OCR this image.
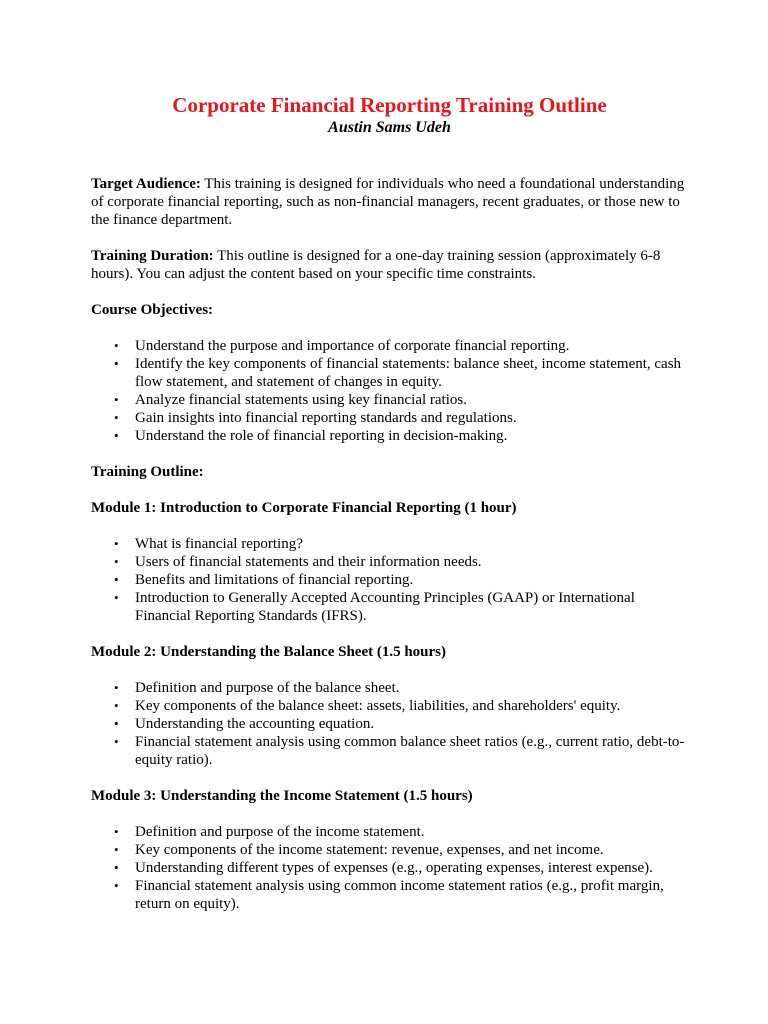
Corporate Financial Reporting Training Outline
Austin Sams Udeh

Target Audience: This training is designed for individuals who need a foundational understanding of corporate financial reporting, such as non-financial managers, recent graduates, or those new to the finance department.

Training Duration: This outline is designed for a one-day training session (approximately 6-8 hours). You can adjust the content based on your specific time constraints.

Course Objectives:
• Understand the purpose and importance of corporate financial reporting.
• Identify the key components of financial statements: balance sheet, income statement, cash flow statement, and statement of changes in equity.
• Analyze financial statements using key financial ratios.
• Gain insights into financial reporting standards and regulations.
• Understand the role of financial reporting in decision-making.
Training Outline:
Module 1: Introduction to Corporate Financial Reporting (1 hour)
• What is financial reporting?
• Users of financial statements and their information needs.
• Benefits and limitations of financial reporting.
• Introduction to Generally Accepted Accounting Principles (GAAP) or International Financial Reporting Standards (IFRS).
Module 2: Understanding the Balance Sheet (1.5 hours)
• Definition and purpose of the balance sheet.
• Key components of the balance sheet: assets, liabilities, and shareholders' equity.
• Understanding the accounting equation.
• Financial statement analysis using common balance sheet ratios (e.g., current ratio, debt-to-equity ratio).
Module 3: Understanding the Income Statement (1.5 hours)
• Definition and purpose of the income statement.
• Key components of the income statement: revenue, expenses, and net income.
• Understanding different types of expenses (e.g., operating expenses, interest expense).
• Financial statement analysis using common income statement ratios (e.g., profit margin, return on equity).
